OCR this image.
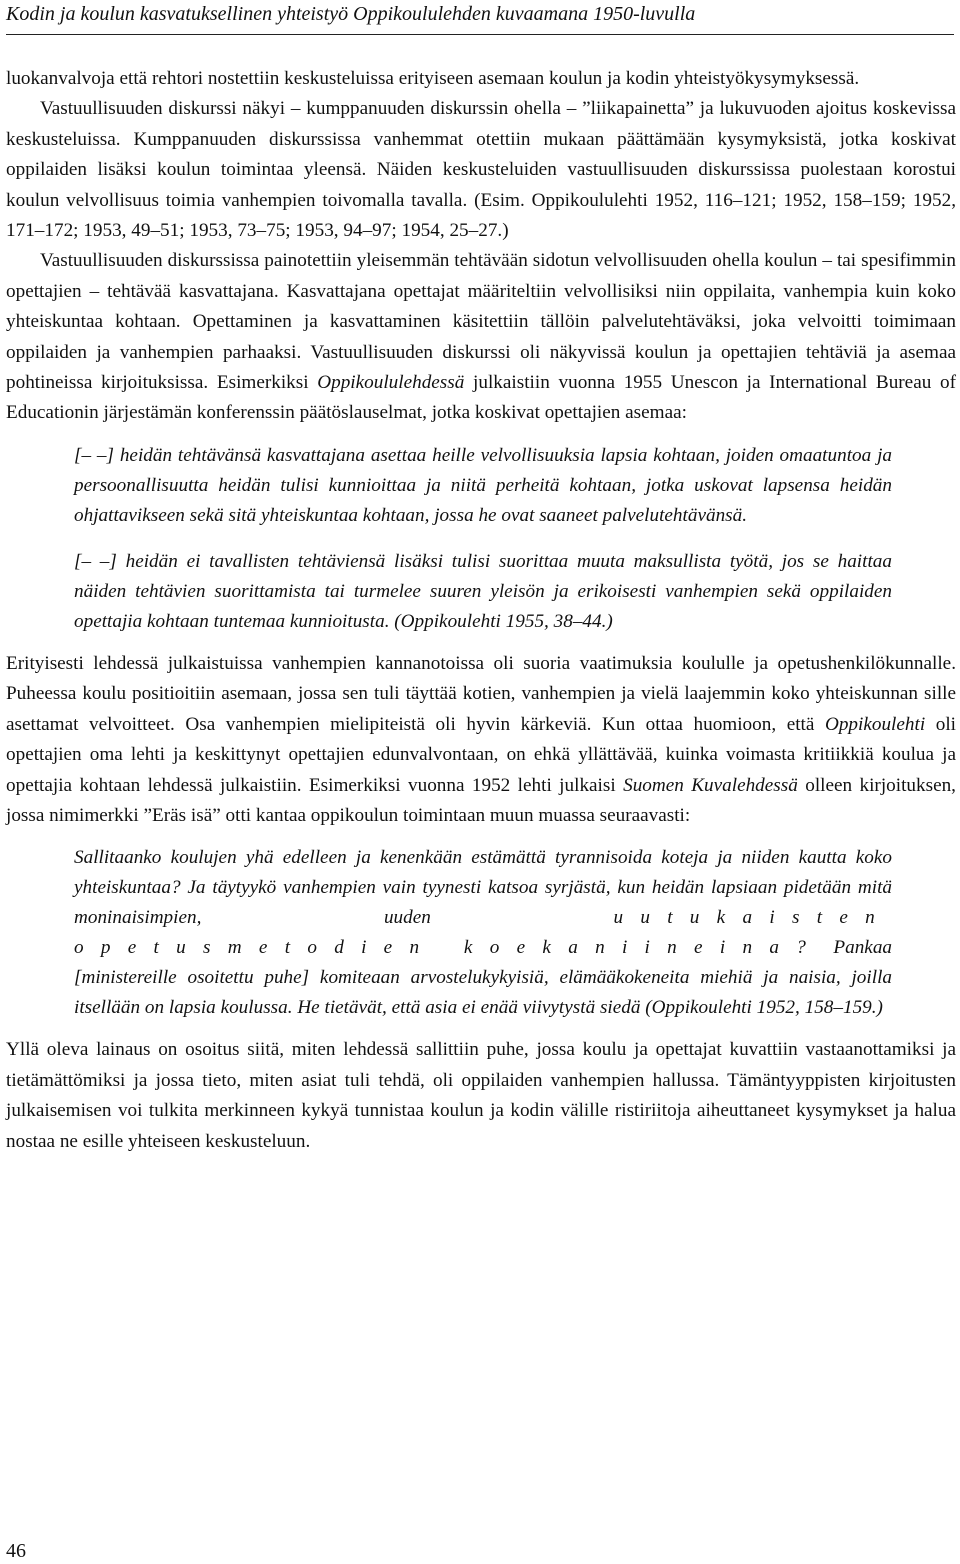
Kodin ja koulun kasvatuksellinen yhteistyö Oppikoululehden kuvaamana 1950-luvulla

luokanvalvoja että rehtori nostettiin keskusteluissa erityiseen asemaan koulun ja kodin yhteistyökysymyksessä.

Vastuullisuuden diskurssi näkyi – kumppanuuden diskurssin ohella – ”liikapainetta” ja lukuvuoden ajoitus koskevissa keskusteluissa. Kumppanuuden diskurssissa vanhemmat otettiin mukaan päättämään kysymyksistä, jotka koskivat oppilaiden lisäksi koulun toimintaa yleensä. Näiden keskusteluiden vastuullisuuden diskurssissa puolestaan korostui koulun velvollisuus toimia vanhempien toivomalla tavalla. (Esim. Oppikoululehti 1952, 116–121; 1952, 158–159; 1952, 171–172; 1953, 49–51; 1953, 73–75; 1953, 94–97; 1954, 25–27.)

Vastuullisuuden diskurssissa painotettiin yleisemmän tehtävään sidotun velvollisuuden ohella koulun – tai spesifimmin opettajien – tehtävää kasvattajana. Kasvattajana opettajat määriteltiin velvollisiksi niin oppilaita, vanhempia kuin koko yhteiskuntaa kohtaan. Opettaminen ja kasvattaminen käsitettiin tällöin palvelutehtäväksi, joka velvoitti toimimaan oppilaiden ja vanhempien parhaaksi. Vastuullisuuden diskurssi oli näkyvissä koulun ja opettajien tehtäviä ja asemaa pohtineissa kirjoituksissa. Esimerkiksi Oppikoululehdessä julkaistiin vuonna 1955 Unescon ja International Bureau of Educationin järjestämän konferenssin päätöslauselmat, jotka koskivat opettajien asemaa:

[– –] heidän tehtävänsä kasvattajana asettaa heille velvollisuuksia lapsia kohtaan, joiden omaatuntoa ja persoonallisuutta heidän tulisi kunnioittaa ja niitä perheitä kohtaan, jotka uskovat lapsensa heidän ohjattavikseen sekä sitä yhteiskuntaa kohtaan, jossa he ovat saaneet palvelutehtävänsä.
[– –] heidän ei tavallisten tehtäviensä lisäksi tulisi suorittaa muuta maksullista työtä, jos se haittaa näiden tehtävien suorittamista tai turmelee suuren yleisön ja erikoisesti vanhempien sekä oppilaiden opettajia kohtaan tuntemaa kunnioitusta. (Oppikoulehti 1955, 38–44.)

Erityisesti lehdessä julkaistuissa vanhempien kannanotoissa oli suoria vaatimuksia koululle ja opetushenkilökunnalle. Puheessa koulu positioitiin asemaan, jossa sen tuli täyttää kotien, vanhempien ja vielä laajemmin koko yhteiskunnan sille asettamat velvoitteet. Osa vanhempien mielipiteistä oli hyvin kärkeviä. Kun ottaa huomioon, että Oppikoulehti oli opettajien oma lehti ja keskittynyt opettajien edunvalvontaan, on ehkä yllättävää, kuinka voimasta kritiikkiä koulua ja opettajia kohtaan lehdessä julkaistiin. Esimerkiksi vuonna 1952 lehti julkaisi Suomen Kuvalehdessä olleen kirjoituksen, jossa nimimerkki ”Eräs isä” otti kantaa oppikoulun toimintaan muun muassa seuraavasti:

Sallitaanko koulujen yhä edelleen ja kenenkään estämättä tyrannisoida koteja ja niiden kautta koko yhteiskuntaa? Ja täytyykö vanhempien vain tyynesti katsoa syrjästä, kun heidän lapsiaan pidetään mitä moninaisimpien, uuden	uutukaisten opetusmetodien koekaniineina? Pankaa [ministereille osoitettu puhe] komiteaan arvostelukykyisiä, elämääkokeneita miehiä ja naisia, joilla itsellään on lapsia koulussa. He tietävät, että asia ei enää viivytystä siedä (Oppikoulehti 1952, 158–159.)

Yllä oleva lainaus on osoitus siitä, miten lehdessä sallittiin puhe, jossa koulu ja opettajat kuvattiin vastaanottamiksi ja tietämättömiksi ja jossa tieto, miten asiat tuli tehdä, oli oppilaiden vanhempien hallussa. Tämäntyyppisten kirjoitusten julkaisemisen voi tulkita merkinneen kykyä tunnistaa koulun ja kodin välille ristiriitoja aiheuttaneet kysymykset ja halua nostaa ne esille yhteiseen keskusteluun.

46
